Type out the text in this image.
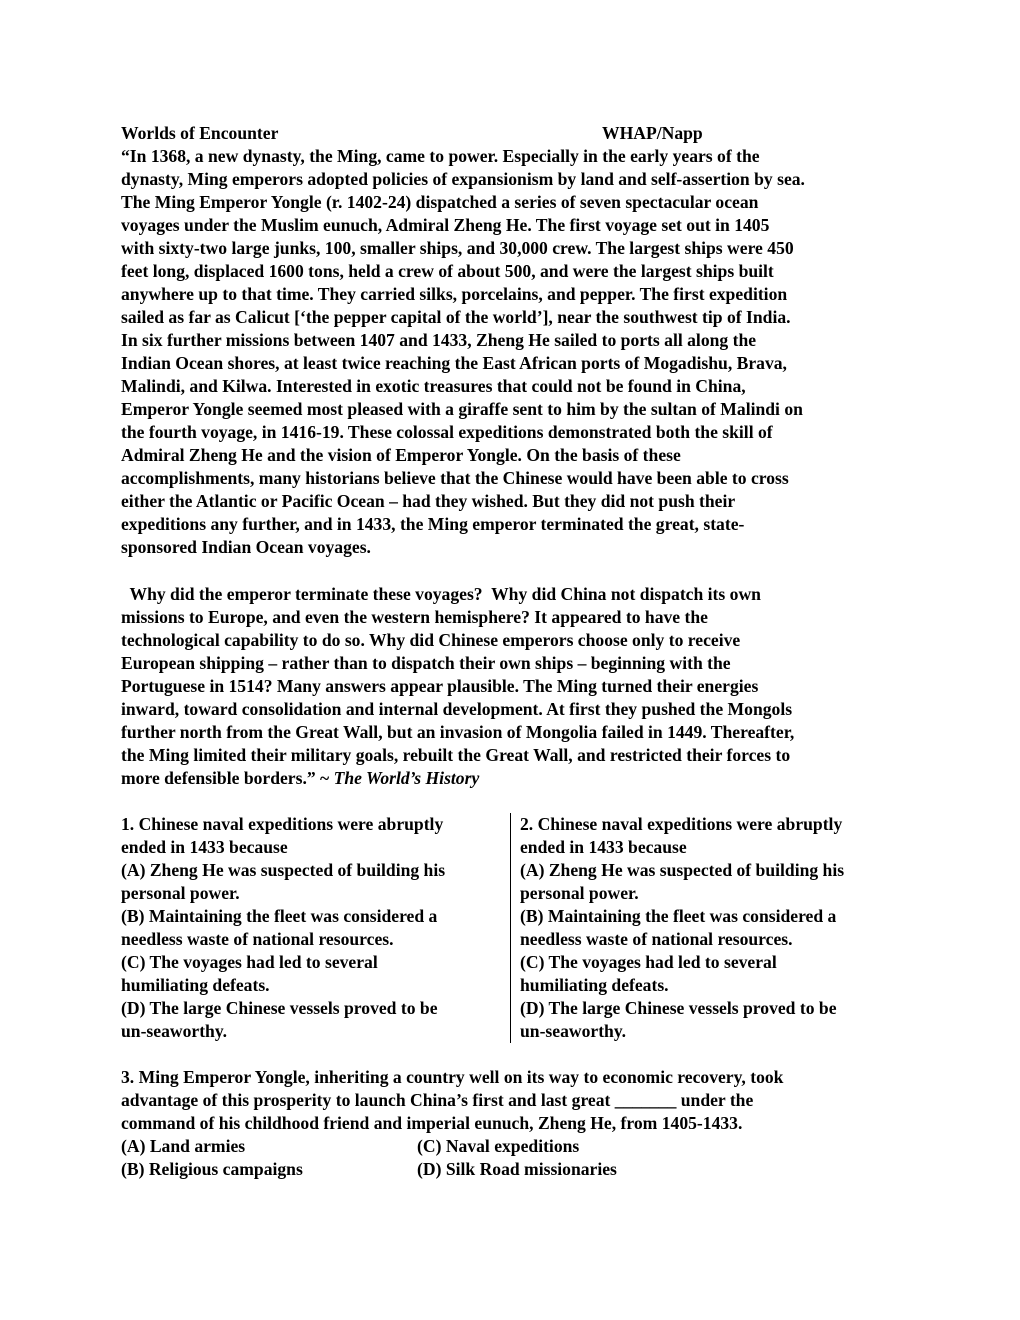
Worlds of Encounter	WHAP/Napp
“In 1368, a new dynasty, the Ming, came to power. Especially in the early years of the
dynasty, Ming emperors adopted policies of expansionism by land and self-assertion by sea.
The Ming Emperor Yongle (r. 1402-24) dispatched a series of seven spectacular ocean
voyages under the Muslim eunuch, Admiral Zheng He. The first voyage set out in 1405
with sixty-two large junks, 100, smaller ships, and 30,000 crew. The largest ships were 450
feet long, displaced 1600 tons, held a crew of about 500, and were the largest ships built
anywhere up to that time. They carried silks, porcelains, and pepper. The first expedition
sailed as far as Calicut [‘the pepper capital of the world’], near the southwest tip of India.
In six further missions between 1407 and 1433, Zheng He sailed to ports all along the
Indian Ocean shores, at least twice reaching the East African ports of Mogadishu, Brava,
Malindi, and Kilwa. Interested in exotic treasures that could not be found in China,
Emperor Yongle seemed most pleased with a giraffe sent to him by the sultan of Malindi on
the fourth voyage, in 1416-19. These colossal expeditions demonstrated both the skill of
Admiral Zheng He and the vision of Emperor Yongle. On the basis of these
accomplishments, many historians believe that the Chinese would have been able to cross
either the Atlantic or Pacific Ocean – had they wished. But they did not push their
expeditions any further, and in 1433, the Ming emperor terminated the great, state-
sponsored Indian Ocean voyages.
Why did the emperor terminate these voyages?  Why did China not dispatch its own
missions to Europe, and even the western hemisphere? It appeared to have the
technological capability to do so. Why did Chinese emperors choose only to receive
European shipping – rather than to dispatch their own ships – beginning with the
Portuguese in 1514? Many answers appear plausible. The Ming turned their energies
inward, toward consolidation and internal development. At first they pushed the Mongols
further north from the Great Wall, but an invasion of Mongolia failed in 1449. Thereafter,
the Ming limited their military goals, rebuilt the Great Wall, and restricted their forces to
more defensible borders.” ~ The World’s History
1. Chinese naval expeditions were abruptly
ended in 1433 because
(A) Zheng He was suspected of building his
personal power.
(B) Maintaining the fleet was considered a
needless waste of national resources.
(C) The voyages had led to several
humiliating defeats.
(D) The large Chinese vessels proved to be
un-seaworthy.
2. Chinese naval expeditions were abruptly
ended in 1433 because
(A) Zheng He was suspected of building his
personal power.
(B) Maintaining the fleet was considered a
needless waste of national resources.
(C) The voyages had led to several
humiliating defeats.
(D) The large Chinese vessels proved to be
un-seaworthy.
3. Ming Emperor Yongle, inheriting a country well on its way to economic recovery, took
advantage of this prosperity to launch China’s first and last great _______ under the
command of his childhood friend and imperial eunuch, Zheng He, from 1405-1433.
(A) Land armies	(C) Naval expeditions
(B) Religious campaigns	(D) Silk Road missionaries
